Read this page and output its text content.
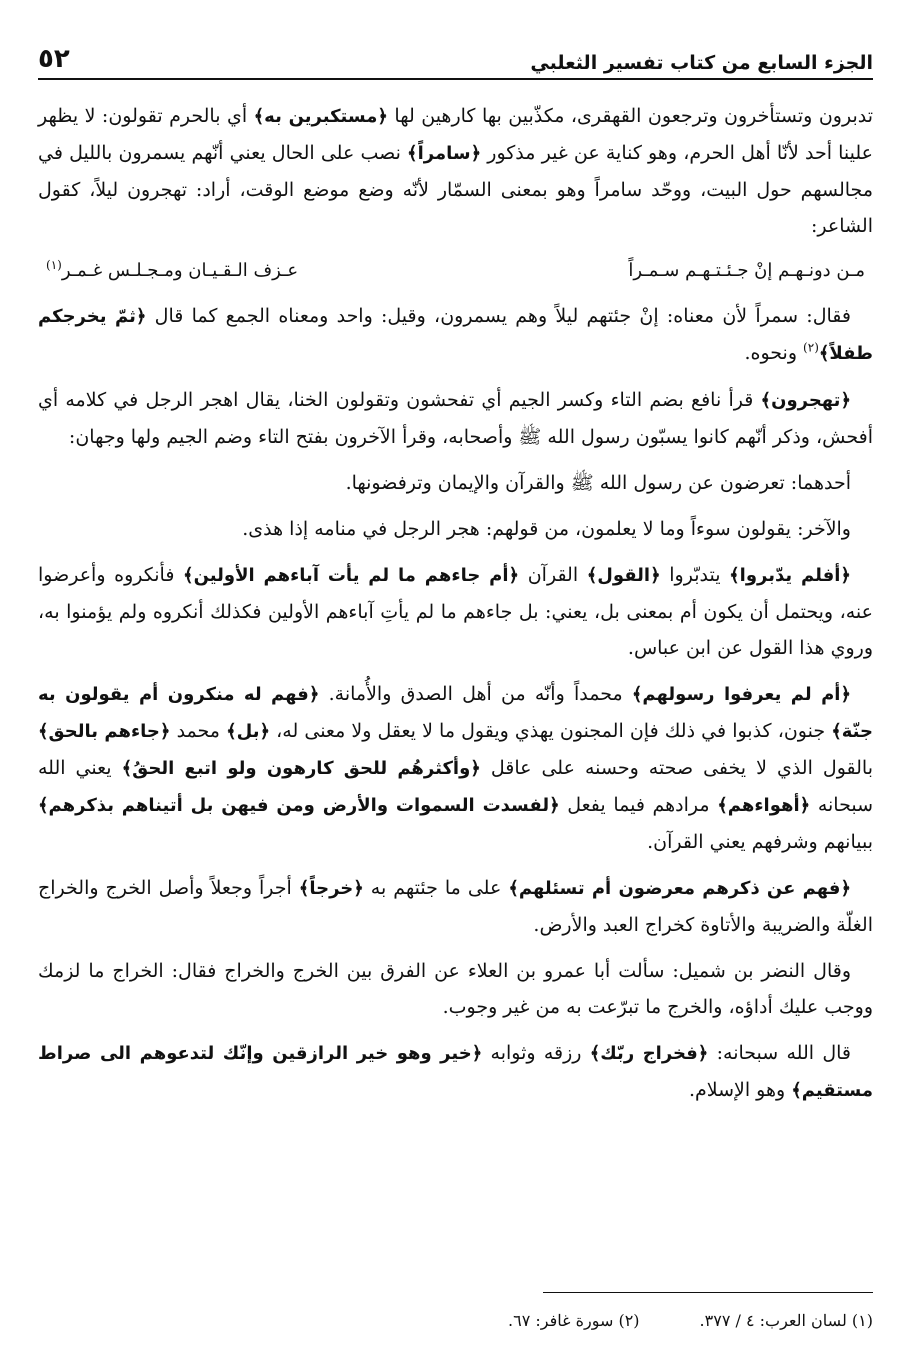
الجزء السابع من كتاب تفسير الثعلبي
٥٢

تدبرون وتستأخرون وترجعون القهقرى، مكذّبين بها كارهين لها ﴿مستكبرين به﴾ أي بالحرم تقولون: لا يظهر علينا أحد لأنّا أهل الحرم، وهو كناية عن غير مذكور ﴿سامراً﴾ نصب على الحال يعني أنّهم يسمرون بالليل في مجالسهم حول البيت، ووحّد سامراً وهو بمعنى السمّار لأنّه وضع موضع الوقت، أراد: تهجرون ليلاً، كقول الشاعر:

مـن دونـهـم إنْ جـئـتـهـم سـمـراً
عـزف الـقـيـان ومـجـلـس غـمـر$^{(١)}$

فقال: سمراً لأن معناه: إنْ جئتهم ليلاً وهم يسمرون، وقيل: واحد ومعناه الجمع كما قال ﴿ثمّ يخرجكم طفلاً﴾$^{(٢)}$ ونحوه.

﴿تهجرون﴾ قرأ نافع بضم التاء وكسر الجيم أي تفحشون وتقولون الخنا، يقال اهجر الرجل في كلامه أي أفحش، وذكر أنّهم كانوا يسبّون رسول الله ﷺ وأصحابه، وقرأ الآخرون بفتح التاء وضم الجيم ولها وجهان:

أحدهما: تعرضون عن رسول الله ﷺ والقرآن والإيمان وترفضونها.

والآخر: يقولون سوءاً وما لا يعلمون، من قولهم: هجر الرجل في منامه إذا هذى.

﴿أفلم يدّبروا﴾ يتدبّروا ﴿القول﴾ القرآن ﴿أم جاءهم ما لم يأت آباءهم الأولين﴾ فأنكروه وأعرضوا عنه، ويحتمل أن يكون أم بمعنى بل، يعني: بل جاءهم ما لم يأتِ آباءهم الأولين فكذلك أنكروه ولم يؤمنوا به، وروي هذا القول عن ابن عباس.

﴿أم لم يعرفوا رسولهم﴾ محمداً وأنّه من أهل الصدق والأُمانة. ﴿فهم له منكرون أم يقولون به جنّة﴾ جنون، كذبوا في ذلك فإن المجنون يهذي ويقول ما لا يعقل ولا معنى له، ﴿بل﴾ محمد ﴿جاءهم بالحق﴾ بالقول الذي لا يخفى صحته وحسنه على عاقل ﴿وأكثرهُم للحق كارهون ولو اتبع الحقُ﴾ يعني الله سبحانه ﴿أهواءهم﴾ مرادهم فيما يفعل ﴿لفسدت السموات والأرض ومن فيهن بل أتيناهم بذكرهم﴾ ببيانهم وشرفهم يعني القرآن.

﴿فهم عن ذكرهم معرضون أم تسئلهم﴾ على ما جئتهم به ﴿خرجاً﴾ أجراً وجعلاً وأصل الخرج والخراج الغلّة والضريبة والأتاوة كخراج العبد والأرض.

وقال النضر بن شميل: سألت أبا عمرو بن العلاء عن الفرق بين الخرج والخراج فقال: الخراج ما لزمك ووجب عليك أداؤه، والخرج ما تبرّعت به من غير وجوب.

قال الله سبحانه: ﴿فخراج ربّك﴾ رزقه وثوابه ﴿خير وهو خير الرازقين وإنّك لتدعوهم الى صراط مستقيم﴾ وهو الإسلام.

(١) لسان العرب: ٤ / ٣٧٧.
(٢) سورة غافر: ٦٧.
